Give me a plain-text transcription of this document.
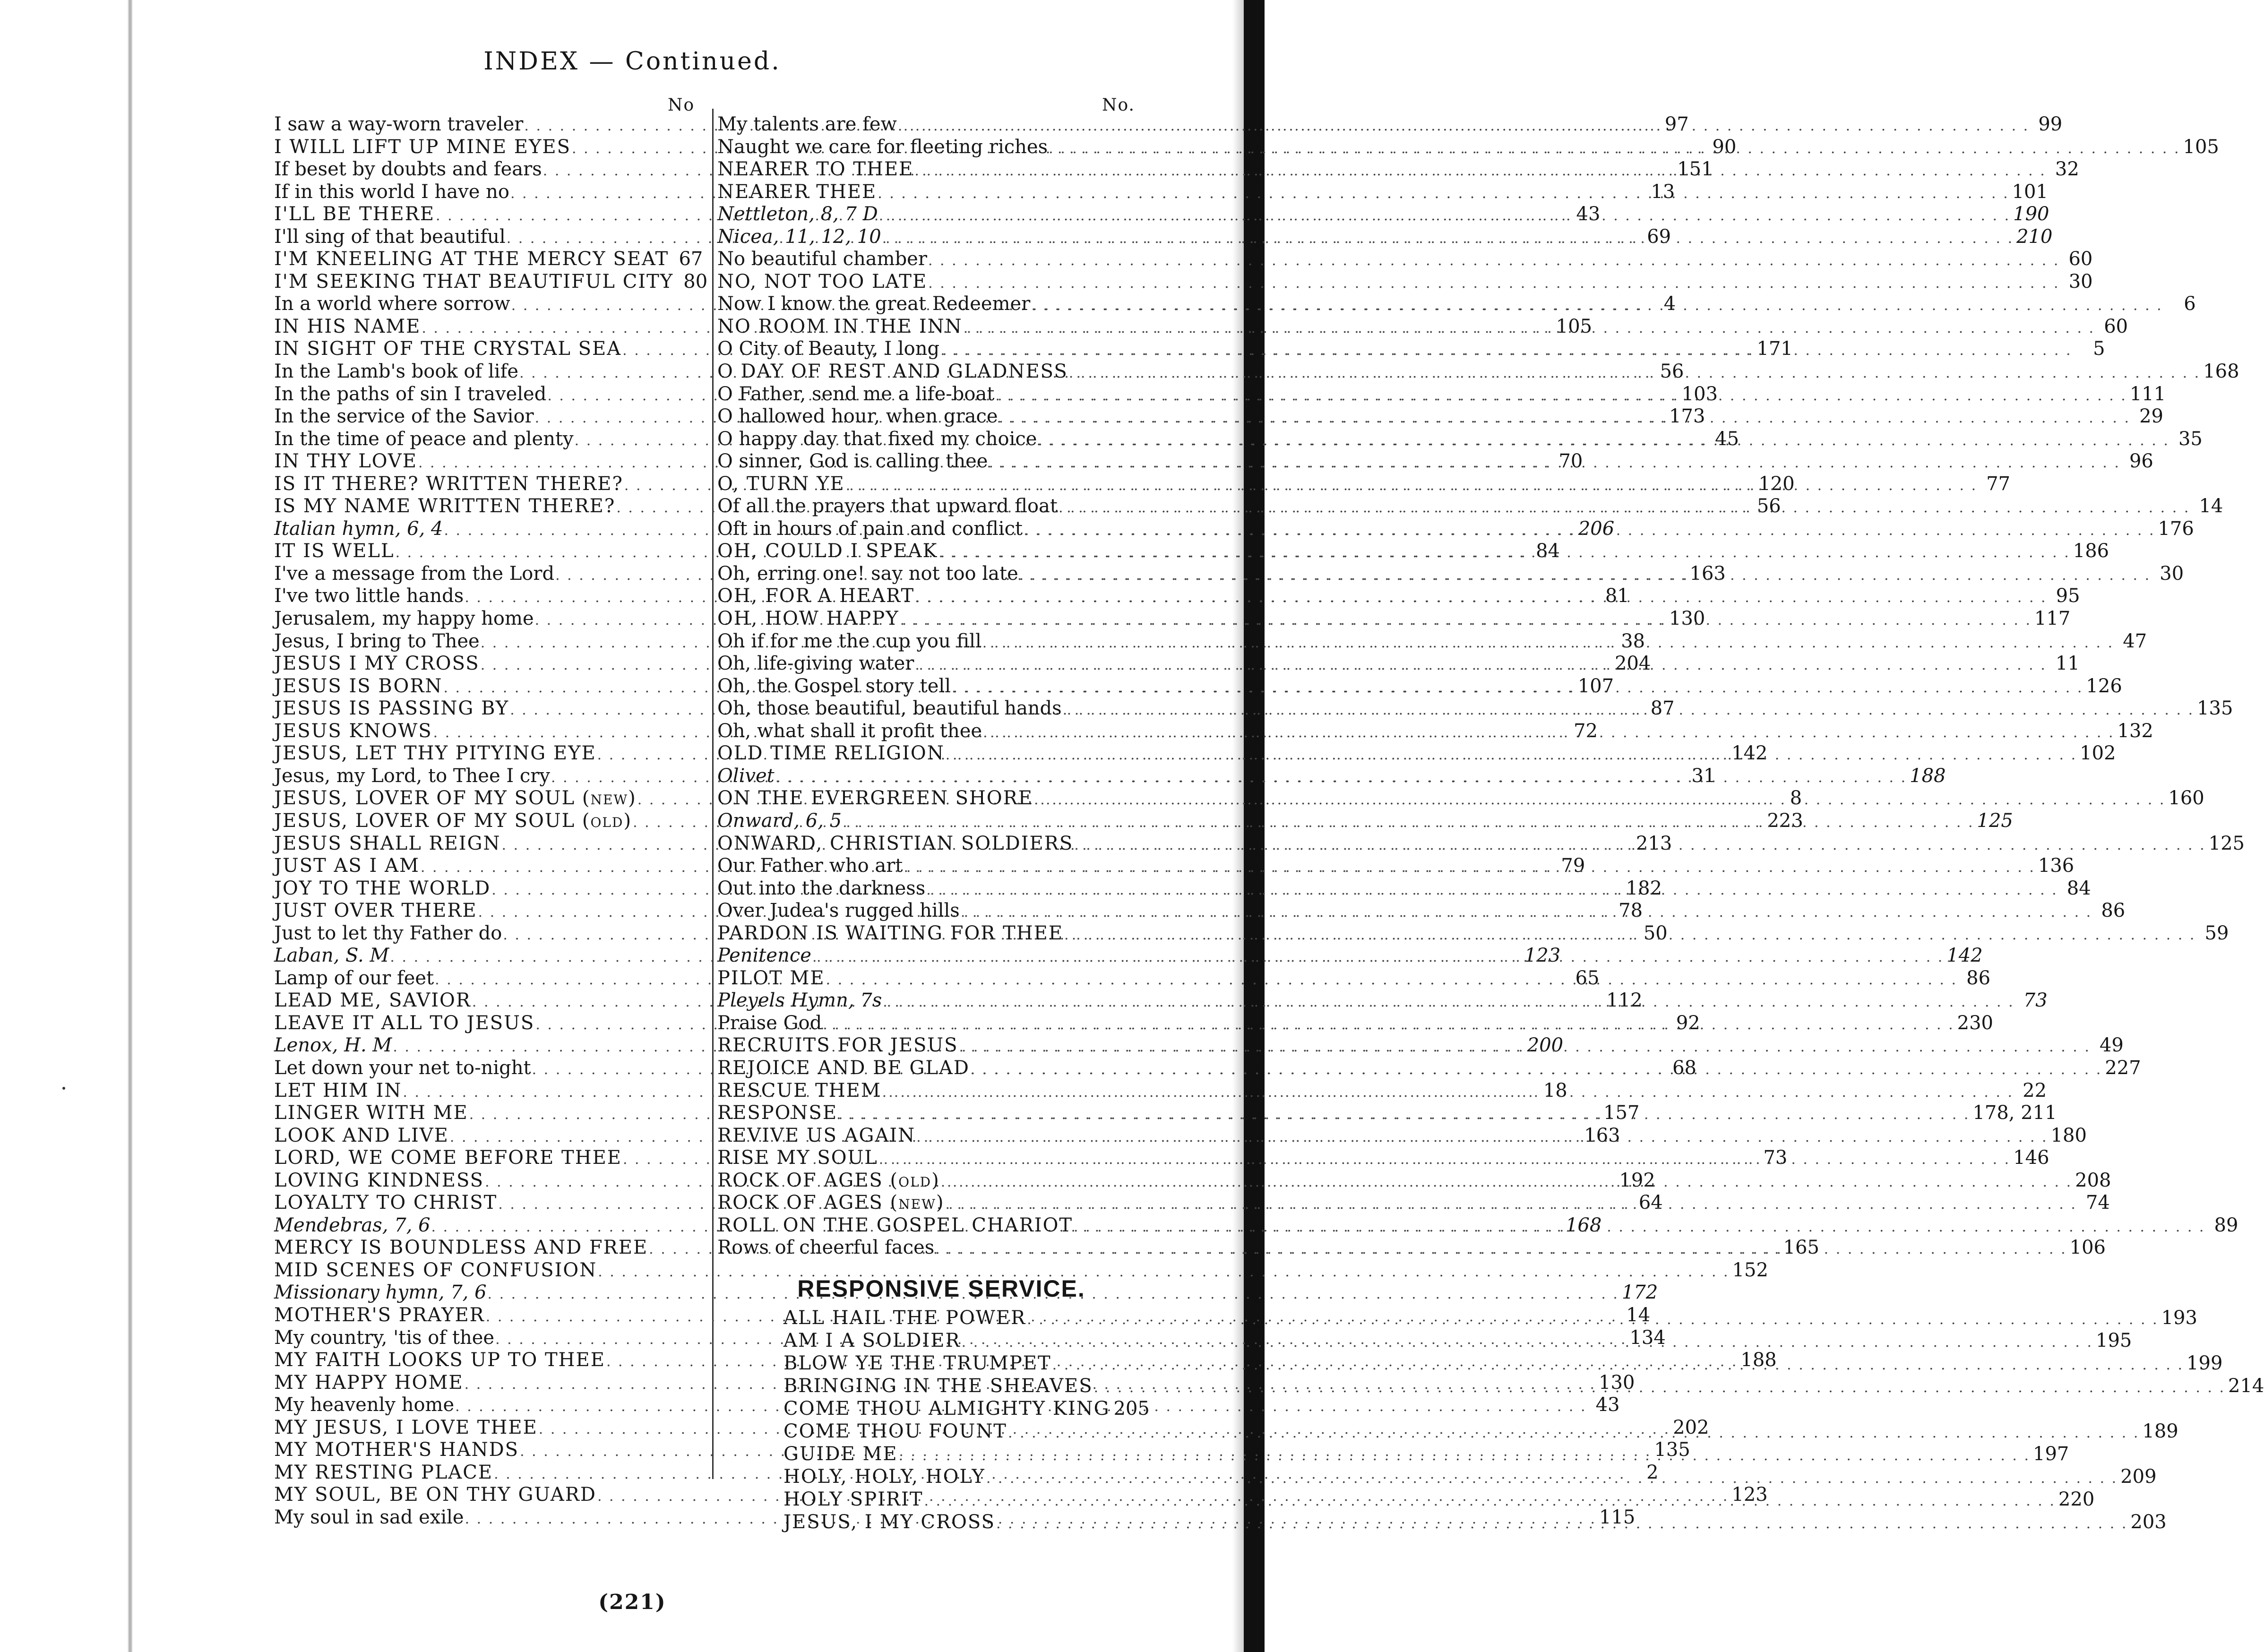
INDEX — Continued.
No	No.
I saw a way-worn traveler . . .	97
I WILL LIFT UP MINE EYES . . .	90
If beset by doubts and fears . . .	151
If in this world I have no . . .	13
I'LL BE THERE . . .	43
I'll sing of that beautiful . . .	69
I'M KNEELING AT THE MERCY SEAT . . . 67
I'M SEEKING THAT BEAUTIFUL CITY . . . 80
In a world where sorrow . . .	4
IN HIS NAME . . .	105
IN SIGHT OF THE CRYSTAL SEA . . .	171
In the Lamb's book of life . . .	56
In the paths of sin I traveled . . .	103
In the service of the Savior . . .	173
In the time of peace and plenty . . .	45
IN THY LOVE . . .	70
IS IT THERE? WRITTEN THERE? . . .	120
IS MY NAME WRITTEN THERE? . . .	56
Italian hymn, 6, 4 . . .	206
IT IS WELL . . .	84
I've a message from the Lord . . .	163
I've two little hands . . .	81
Jerusalem, my happy home . . .	130
Jesus, I bring to Thee . . .	38
JESUS I MY CROSS . . .	204
JESUS IS BORN . . .	107
JESUS IS PASSING BY . . .	87
JESUS KNOWS . . .	72
JESUS, LET THY PITYING EYE . . .	142
Jesus, my Lord, to Thee I cry . . .	31
JESUS, LOVER OF MY SOUL (new) . . .	8
JESUS, LOVER OF MY SOUL (old) . . .	223
JESUS SHALL REIGN . . .	213
JUST AS I AM . . .	79
JOY TO THE WORLD . . .	182
JUST OVER THERE . . .	78
Just to let thy Father do . . .	50
Laban, S. M . . .	123
Lamp of our feet . . .	65
LEAD ME, SAVIOR . . .	112
LEAVE IT ALL TO JESUS . . .	92
Lenox, H. M . . .	200
Let down your net to-night . . .	68
LET HIM IN . . .	18
LINGER WITH ME . . .	157
LOOK AND LIVE . . .	163
LORD, WE COME BEFORE THEE . . .	73
LOVING KINDNESS . . .	192
LOYALTY TO CHRIST . . .	64
Mendebras, 7, 6 . . .	168
MERCY IS BOUNDLESS AND FREE . . .	165
MID SCENES OF CONFUSION . . .	152
Missionary hymn, 7, 6 . . .	172
MOTHER'S PRAYER . . .	14
My country, 'tis of thee . . .	134
MY FAITH LOOKS UP TO THEE . . .	188
MY HAPPY HOME . . .	130
My heavenly home . . .	43
MY JESUS, I LOVE THEE . . .	202
MY MOTHER'S HANDS . . .	135
MY RESTING PLACE . . .	2
MY SOUL, BE ON THY GUARD . . .	123
My soul in sad exile . . .	115
My talents are few . . .	99
Naught we care for fleeting riches . . .	105
NEARER TO THEE . . .	32
NEARER THEE . . .	101
Nettleton, 8, 7 D . . .	190
Nicea, 11, 12, 10 . . .	210
No beautiful chamber . . .	60
NO, NOT TOO LATE . . .	30
Now I know the great Redeemer . . .	6
NO ROOM IN THE INN . . .	60
O City of Beauty, I long . . .	5
O DAY OF REST AND GLADNESS . . .	168
O Father, send me a life-boat . . .	111
O hallowed hour, when grace . . .	29
O happy day that fixed my choice . . .	35
O sinner, God is calling thee . . .	96
O, TURN YE . . .	77
Of all the prayers that upward float . . .	14
Oft in hours of pain and conflict . . .	176
OH, COULD I SPEAK . . .	186
Oh, erring one! say not too late . . .	30
OH, FOR A HEART . . .	95
OH, HOW HAPPY . . .	117
Oh if for me the cup you fill . . .	47
Oh, life-giving water . . .	11
Oh, the Gospel story tell . . .	126
Oh, those beautiful, beautiful hands . . .	135
Oh, what shall it profit thee . . .	132
OLD TIME RELIGION . . .	102
Olivet . . .	188
ON THE EVERGREEN SHORE . . .	160
Onward, 6, 5 . . .	125
ONWARD, CHRISTIAN SOLDIERS . . .	125
Our Father who art . . .	136
Out into the darkness . . .	84
Over Judea's rugged hills . . .	86
PARDON IS WAITING FOR THEE . . .	59
Penitence . . .	142
PILOT ME . . .	86
Pleyels Hymn, 7s . . .	73
Praise God . . .	230
RECRUITS FOR JESUS . . .	49
REJOICE AND BE GLAD . . .	227
RESCUE THEM . . .	22
RESPONSE . . .	178, 211
REVIVE US AGAIN . . .	180
RISE MY SOUL . . .	146
ROCK OF AGES (old) . . .	208
ROCK OF AGES (new) . . .	74
ROLL ON THE GOSPEL CHARIOT . . .	89
Rows of cheerful faces . . .	106
RESPONSIVE SERVICE.
ALL HAIL THE POWER . . .	193
AM I A SOLDIER . . .	195
BLOW YE THE TRUMPET . . .	199
BRINGING IN THE SHEAVES . . .	214
COME THOU ALMIGHTY KING . . . 205
COME THOU FOUNT . . .	189
GUIDE ME . . .	197
HOLY, HOLY, HOLY . . .	209
HOLY SPIRIT . . .	220
JESUS, I MY CROSS . . .	203
(221)
